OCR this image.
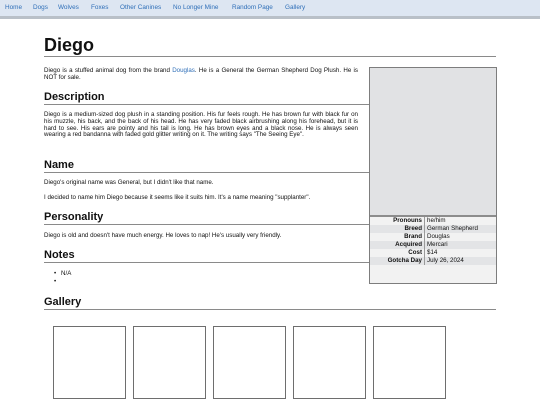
Home Dogs Wolves Foxes Other Canines No Longer Mine Random Page Gallery
Diego
Pronouns he/him
Breed German Shepherd
Brand Douglas
Acquired Mercari
Cost $14
Gotcha Day July 26, 2024

Diego is a stuffed animal dog from the brand Douglas. He is a General the German Shepherd Dog Plush. He is NOT for sale.

Description

Diego is a medium-sized dog plush in a standing position. His fur feels rough. He has brown fur with black fur on his muzzle, his back, and the back of his head. He has very faded black airbrushing along his forehead, but it is hard to see. His ears are pointy and his tail is long. He has brown eyes and a black nose. He is always seen wearing a red bandanna with faded gold glitter writing on it. The writing says "The Seeing Eye".

Name

Diego's original name was General, but I didn't like that name.

I decided to name him Diego because it seems like it suits him. It's a name meaning "supplanter".

Personality

Diego is old and doesn't have much energy. He loves to nap! He's usually very friendly.

Notes
• N/A
•
Gallery
